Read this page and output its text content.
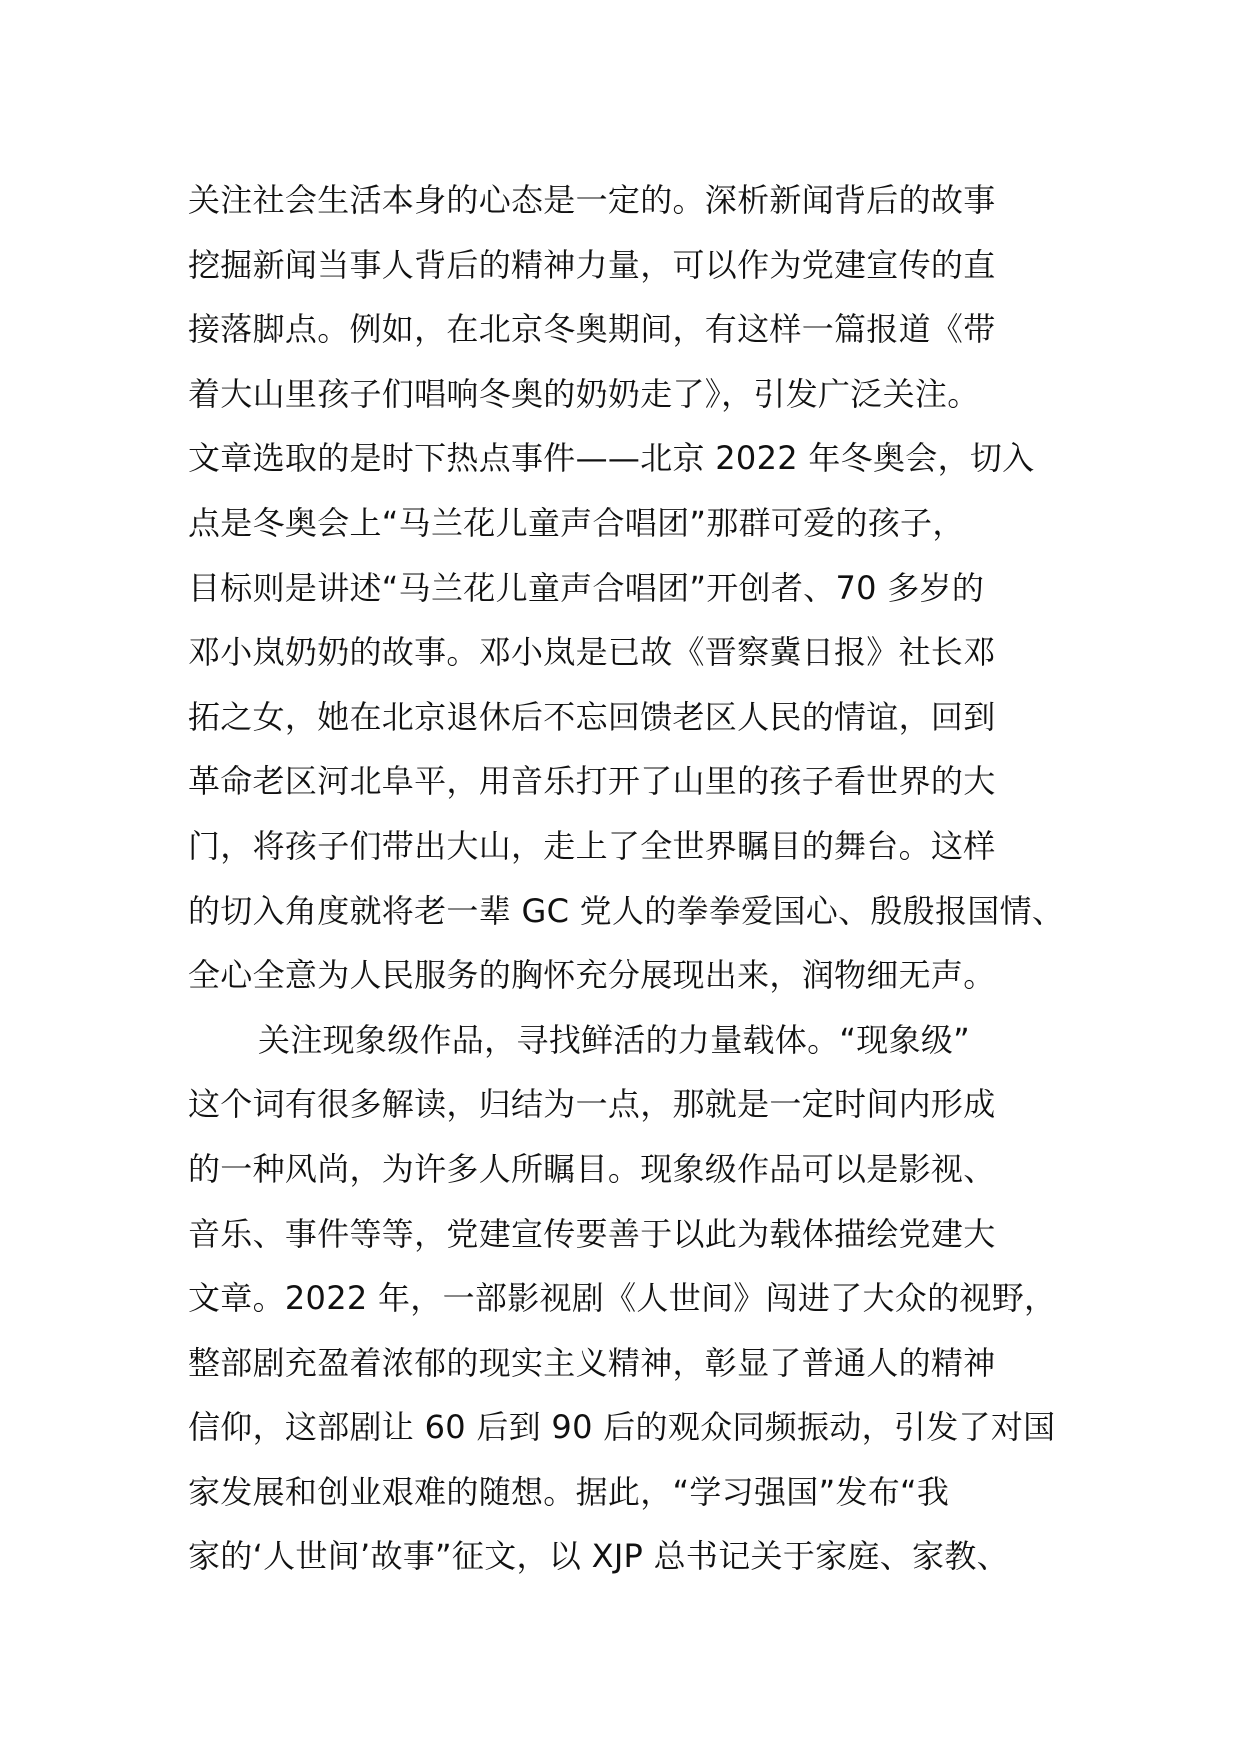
关注社会生活本身的心态是一定的。深析新闻背后的故事
挖掘新闻当事人背后的精神力量，可以作为党建宣传的直
接落脚点。例如，在北京冬奥期间，有这样一篇报道《带
着大山里孩子们唱响冬奥的奶奶走了》，引发广泛关注。
文章选取的是时下热点事件——北京 2022 年冬奥会，切入
点是冬奥会上“马兰花儿童声合唱团”那群可爱的孩子，
目标则是讲述“马兰花儿童声合唱团”开创者、70 多岁的
邓小岚奶奶的故事。邓小岚是已故《晋察冀日报》社长邓
拓之女，她在北京退休后不忘回馈老区人民的情谊，回到
革命老区河北阜平，用音乐打开了山里的孩子看世界的大
门，将孩子们带出大山，走上了全世界瞩目的舞台。这样
的切入角度就将老一辈 GC 党人的拳拳爱国心、殷殷报国情、
全心全意为人民服务的胸怀充分展现出来，润物细无声。
关注现象级作品，寻找鲜活的力量载体。“现象级”
这个词有很多解读，归结为一点，那就是一定时间内形成
的一种风尚，为许多人所瞩目。现象级作品可以是影视、
音乐、事件等等，党建宣传要善于以此为载体描绘党建大
文章。2022 年，一部影视剧《人世间》闯进了大众的视野，
整部剧充盈着浓郁的现实主义精神，彰显了普通人的精神
信仰，这部剧让 60 后到 90 后的观众同频振动，引发了对国
家发展和创业艰难的随想。据此，“学习强国”发布“我
家的‘人世间’故事”征文，以 XJP 总书记关于家庭、家教、
